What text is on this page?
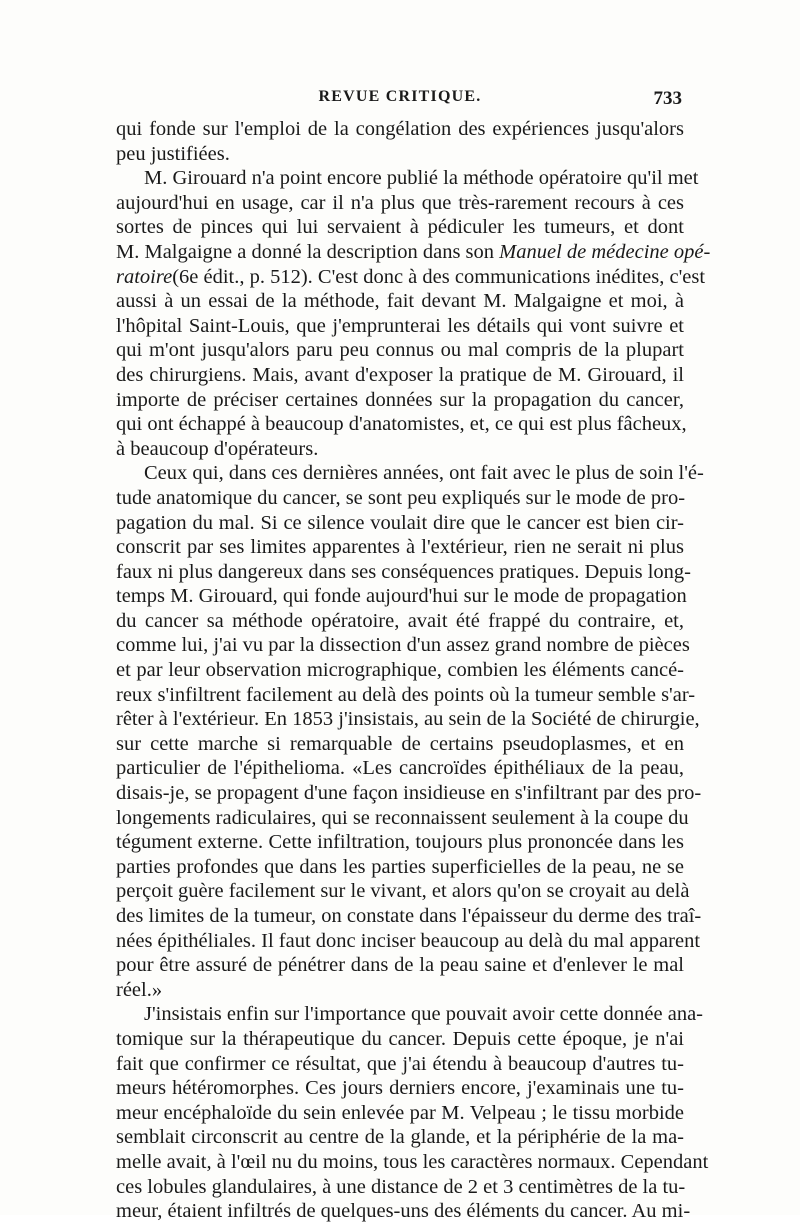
REVUE CRITIQUE.	733
qui fonde sur l'emploi de la congélation des expériences jusqu'alors
peu justifiées.
M. Girouard n'a point encore publié la méthode opératoire qu'il met
aujourd'hui en usage, car il n'a plus que très-rarement recours à ces
sortes de pinces qui lui servaient à pédiculer les tumeurs, et dont
M. Malgaigne a donné la description dans son Manuel de médecine opé-
ratoire(6e édit., p. 512). C'est donc à des communications inédites, c'est
aussi à un essai de la méthode, fait devant M. Malgaigne et moi, à
l'hôpital Saint-Louis, que j'emprunterai les détails qui vont suivre et
qui m'ont jusqu'alors paru peu connus ou mal compris de la plupart
des chirurgiens. Mais, avant d'exposer la pratique de M. Girouard, il
importe de préciser certaines données sur la propagation du cancer,
qui ont échappé à beaucoup d'anatomistes, et, ce qui est plus fâcheux,
à beaucoup d'opérateurs.
Ceux qui, dans ces dernières années, ont fait avec le plus de soin l'é-
tude anatomique du cancer, se sont peu expliqués sur le mode de pro-
pagation du mal. Si ce silence voulait dire que le cancer est bien cir-
conscrit par ses limites apparentes à l'extérieur, rien ne serait ni plus
faux ni plus dangereux dans ses conséquences pratiques. Depuis long-
temps M. Girouard, qui fonde aujourd'hui sur le mode de propagation
du cancer sa méthode opératoire, avait été frappé du contraire, et,
comme lui, j'ai vu par la dissection d'un assez grand nombre de pièces
et par leur observation micrographique, combien les éléments cancé-
reux s'infiltrent facilement au delà des points où la tumeur semble s'ar-
rêter à l'extérieur. En 1853 j'insistais, au sein de la Société de chirurgie,
sur cette marche si remarquable de certains pseudoplasmes, et en
particulier de l'épithelioma. «Les cancroïdes épithéliaux de la peau,
disais-je, se propagent d'une façon insidieuse en s'infiltrant par des pro-
longements radiculaires, qui se reconnaissent seulement à la coupe du
tégument externe. Cette infiltration, toujours plus prononcée dans les
parties profondes que dans les parties superficielles de la peau, ne se
perçoit guère facilement sur le vivant, et alors qu'on se croyait au delà
des limites de la tumeur, on constate dans l'épaisseur du derme des traî-
nées épithéliales. Il faut donc inciser beaucoup au delà du mal apparent
pour être assuré de pénétrer dans de la peau saine et d'enlever le mal
réel.»
J'insistais enfin sur l'importance que pouvait avoir cette donnée ana-
tomique sur la thérapeutique du cancer. Depuis cette époque, je n'ai
fait que confirmer ce résultat, que j'ai étendu à beaucoup d'autres tu-
meurs hétéromorphes. Ces jours derniers encore, j'examinais une tu-
meur encéphaloïde du sein enlevée par M. Velpeau ; le tissu morbide
semblait circonscrit au centre de la glande, et la périphérie de la ma-
melle avait, à l'œil nu du moins, tous les caractères normaux. Cependant
ces lobules glandulaires, à une distance de 2 et 3 centimètres de la tu-
meur, étaient infiltrés de quelques-uns des éléments du cancer. Au mi-
